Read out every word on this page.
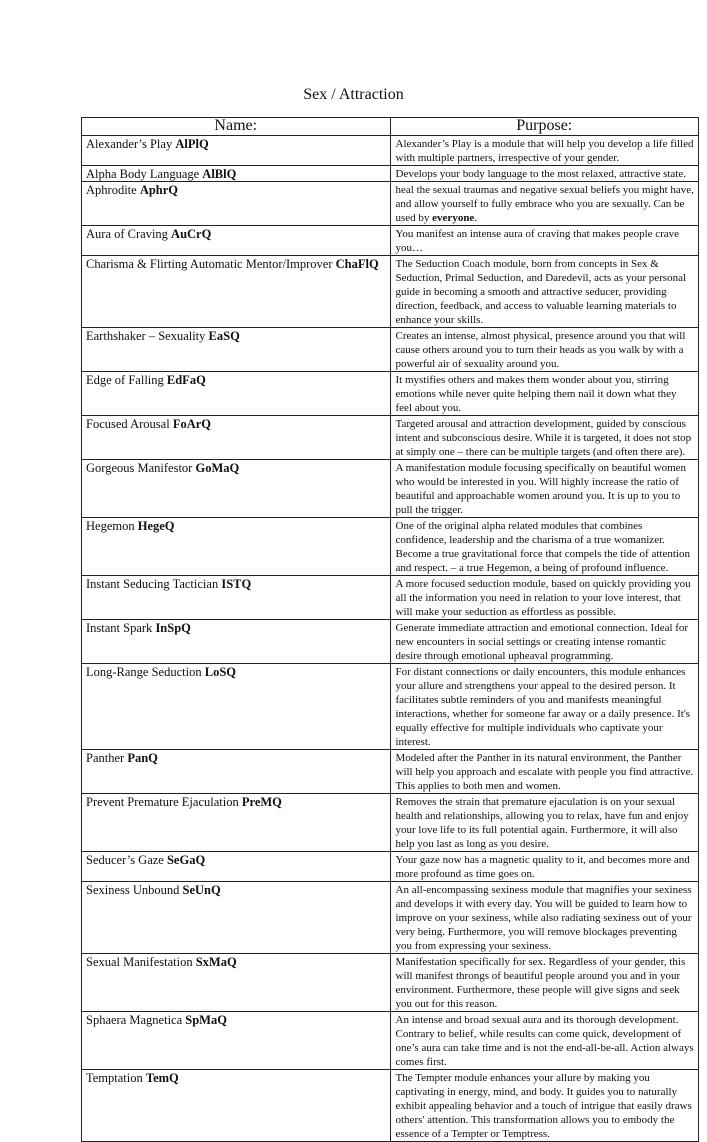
Sex / Attraction
Name:	Purpose:
Alexander’s Play AlPlQ	Alexander’s Play is a module that will help you develop a life filled with multiple partners, irrespective of your gender.
Alpha Body Language AlBlQ	Develops your body language to the most relaxed, attractive state.
Aphrodite AphrQ	heal the sexual traumas and negative sexual beliefs you might have, and allow yourself to fully embrace who you are sexually. Can be used by everyone.
Aura of Craving AuCrQ	You manifest an intense aura of craving that makes people crave you…
Charisma & Flirting Automatic Mentor/Improver ChaFlQ	The Seduction Coach module, born from concepts in Sex & Seduction, Primal Seduction, and Daredevil, acts as your personal guide in becoming a smooth and attractive seducer, providing direction, feedback, and access to valuable learning materials to enhance your skills.
Earthshaker – Sexuality EaSQ	Creates an intense, almost physical, presence around you that will cause others around you to turn their heads as you walk by with a powerful air of sexuality around you.
Edge of Falling EdFaQ	It mystifies others and makes them wonder about you, stirring emotions while never quite helping them nail it down what they feel about you.
Focused Arousal FoArQ	Targeted arousal and attraction development, guided by conscious intent and subconscious desire. While it is targeted, it does not stop at simply one – there can be multiple targets (and often there are).
Gorgeous Manifestor GoMaQ	A manifestation module focusing specifically on beautiful women who would be interested in you. Will highly increase the ratio of beautiful and approachable women around you. It is up to you to pull the trigger.
Hegemon HegeQ	One of the original alpha related modules that combines confidence, leadership and the charisma of a true womanizer. Become a true gravitational force that compels the tide of attention and respect. – a true Hegemon, a being of profound influence.
Instant Seducing Tactician ISTQ	A more focused seduction module, based on quickly providing you all the information you need in relation to your love interest, that will make your seduction as effortless as possible.
Instant Spark InSpQ	Generate immediate attraction and emotional connection. Ideal for new encounters in social settings or creating intense romantic desire through emotional upheaval programming.
Long-Range Seduction LoSQ	For distant connections or daily encounters, this module enhances your allure and strengthens your appeal to the desired person. It facilitates subtle reminders of you and manifests meaningful interactions, whether for someone far away or a daily presence. It's equally effective for multiple individuals who captivate your interest.
Panther PanQ	Modeled after the Panther in its natural environment, the Panther will help you approach and escalate with people you find attractive. This applies to both men and women.
Prevent Premature Ejaculation PreMQ	Removes the strain that premature ejaculation is on your sexual health and relationships, allowing you to relax, have fun and enjoy your love life to its full potential again. Furthermore, it will also help you last as long as you desire.
Seducer’s Gaze SeGaQ	Your gaze now has a magnetic quality to it, and becomes more and more profound as time goes on.
Sexiness Unbound SeUnQ	An all-encompassing sexiness module that magnifies your sexiness and develops it with every day. You will be guided to learn how to improve on your sexiness, while also radiating sexiness out of your very being. Furthermore, you will remove blockages preventing you from expressing your sexiness.
Sexual Manifestation SxMaQ	Manifestation specifically for sex. Regardless of your gender, this will manifest throngs of beautiful people around you and in your environment. Furthermore, these people will give signs and seek you out for this reason.
Sphaera Magnetica SpMaQ	An intense and broad sexual aura and its thorough development. Contrary to belief, while results can come quick, development of one’s aura can take time and is not the end-all-be-all. Action always comes first.
Temptation TemQ	The Tempter module enhances your allure by making you captivating in energy, mind, and body. It guides you to naturally exhibit appealing behavior and a touch of intrigue that easily draws others' attention. This transformation allows you to embody the essence of a Tempter or Temptress.
